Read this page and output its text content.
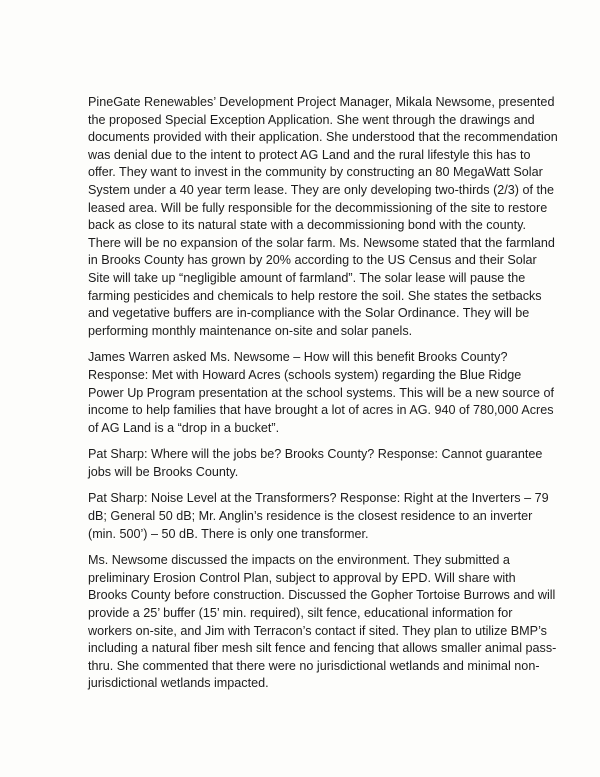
PineGate Renewables’ Development Project Manager, Mikala Newsome, presented the proposed Special Exception Application. She went through the drawings and documents provided with their application. She understood that the recommendation was denial due to the intent to protect AG Land and the rural lifestyle this has to offer. They want to invest in the community by constructing an 80 MegaWatt Solar System under a 40 year term lease. They are only developing two-thirds (2/3) of the leased area. Will be fully responsible for the decommissioning of the site to restore back as close to its natural state with a decommissioning bond with the county. There will be no expansion of the solar farm. Ms. Newsome stated that the farmland in Brooks County has grown by 20% according to the US Census and their Solar Site will take up “negligible amount of farmland”. The solar lease will pause the farming pesticides and chemicals to help restore the soil. She states the setbacks and vegetative buffers are in-compliance with the Solar Ordinance. They will be performing monthly maintenance on-site and solar panels.

James Warren asked Ms. Newsome – How will this benefit Brooks County? Response: Met with Howard Acres (schools system) regarding the Blue Ridge Power Up Program presentation at the school systems. This will be a new source of income to help families that have brought a lot of acres in AG. 940 of 780,000 Acres of AG Land is a “drop in a bucket”.

Pat Sharp: Where will the jobs be? Brooks County? Response: Cannot guarantee jobs will be Brooks County.

Pat Sharp: Noise Level at the Transformers? Response: Right at the Inverters – 79 dB; General 50 dB; Mr. Anglin’s residence is the closest residence to an inverter (min. 500’) – 50 dB. There is only one transformer.

Ms. Newsome discussed the impacts on the environment. They submitted a preliminary Erosion Control Plan, subject to approval by EPD. Will share with Brooks County before construction. Discussed the Gopher Tortoise Burrows and will provide a 25’ buffer (15’ min. required), silt fence, educational information for workers on-site, and Jim with Terracon’s contact if sited. They plan to utilize BMP’s including a natural fiber mesh silt fence and fencing that allows smaller animal pass-thru. She commented that there were no jurisdictional wetlands and minimal non-jurisdictional wetlands impacted.
